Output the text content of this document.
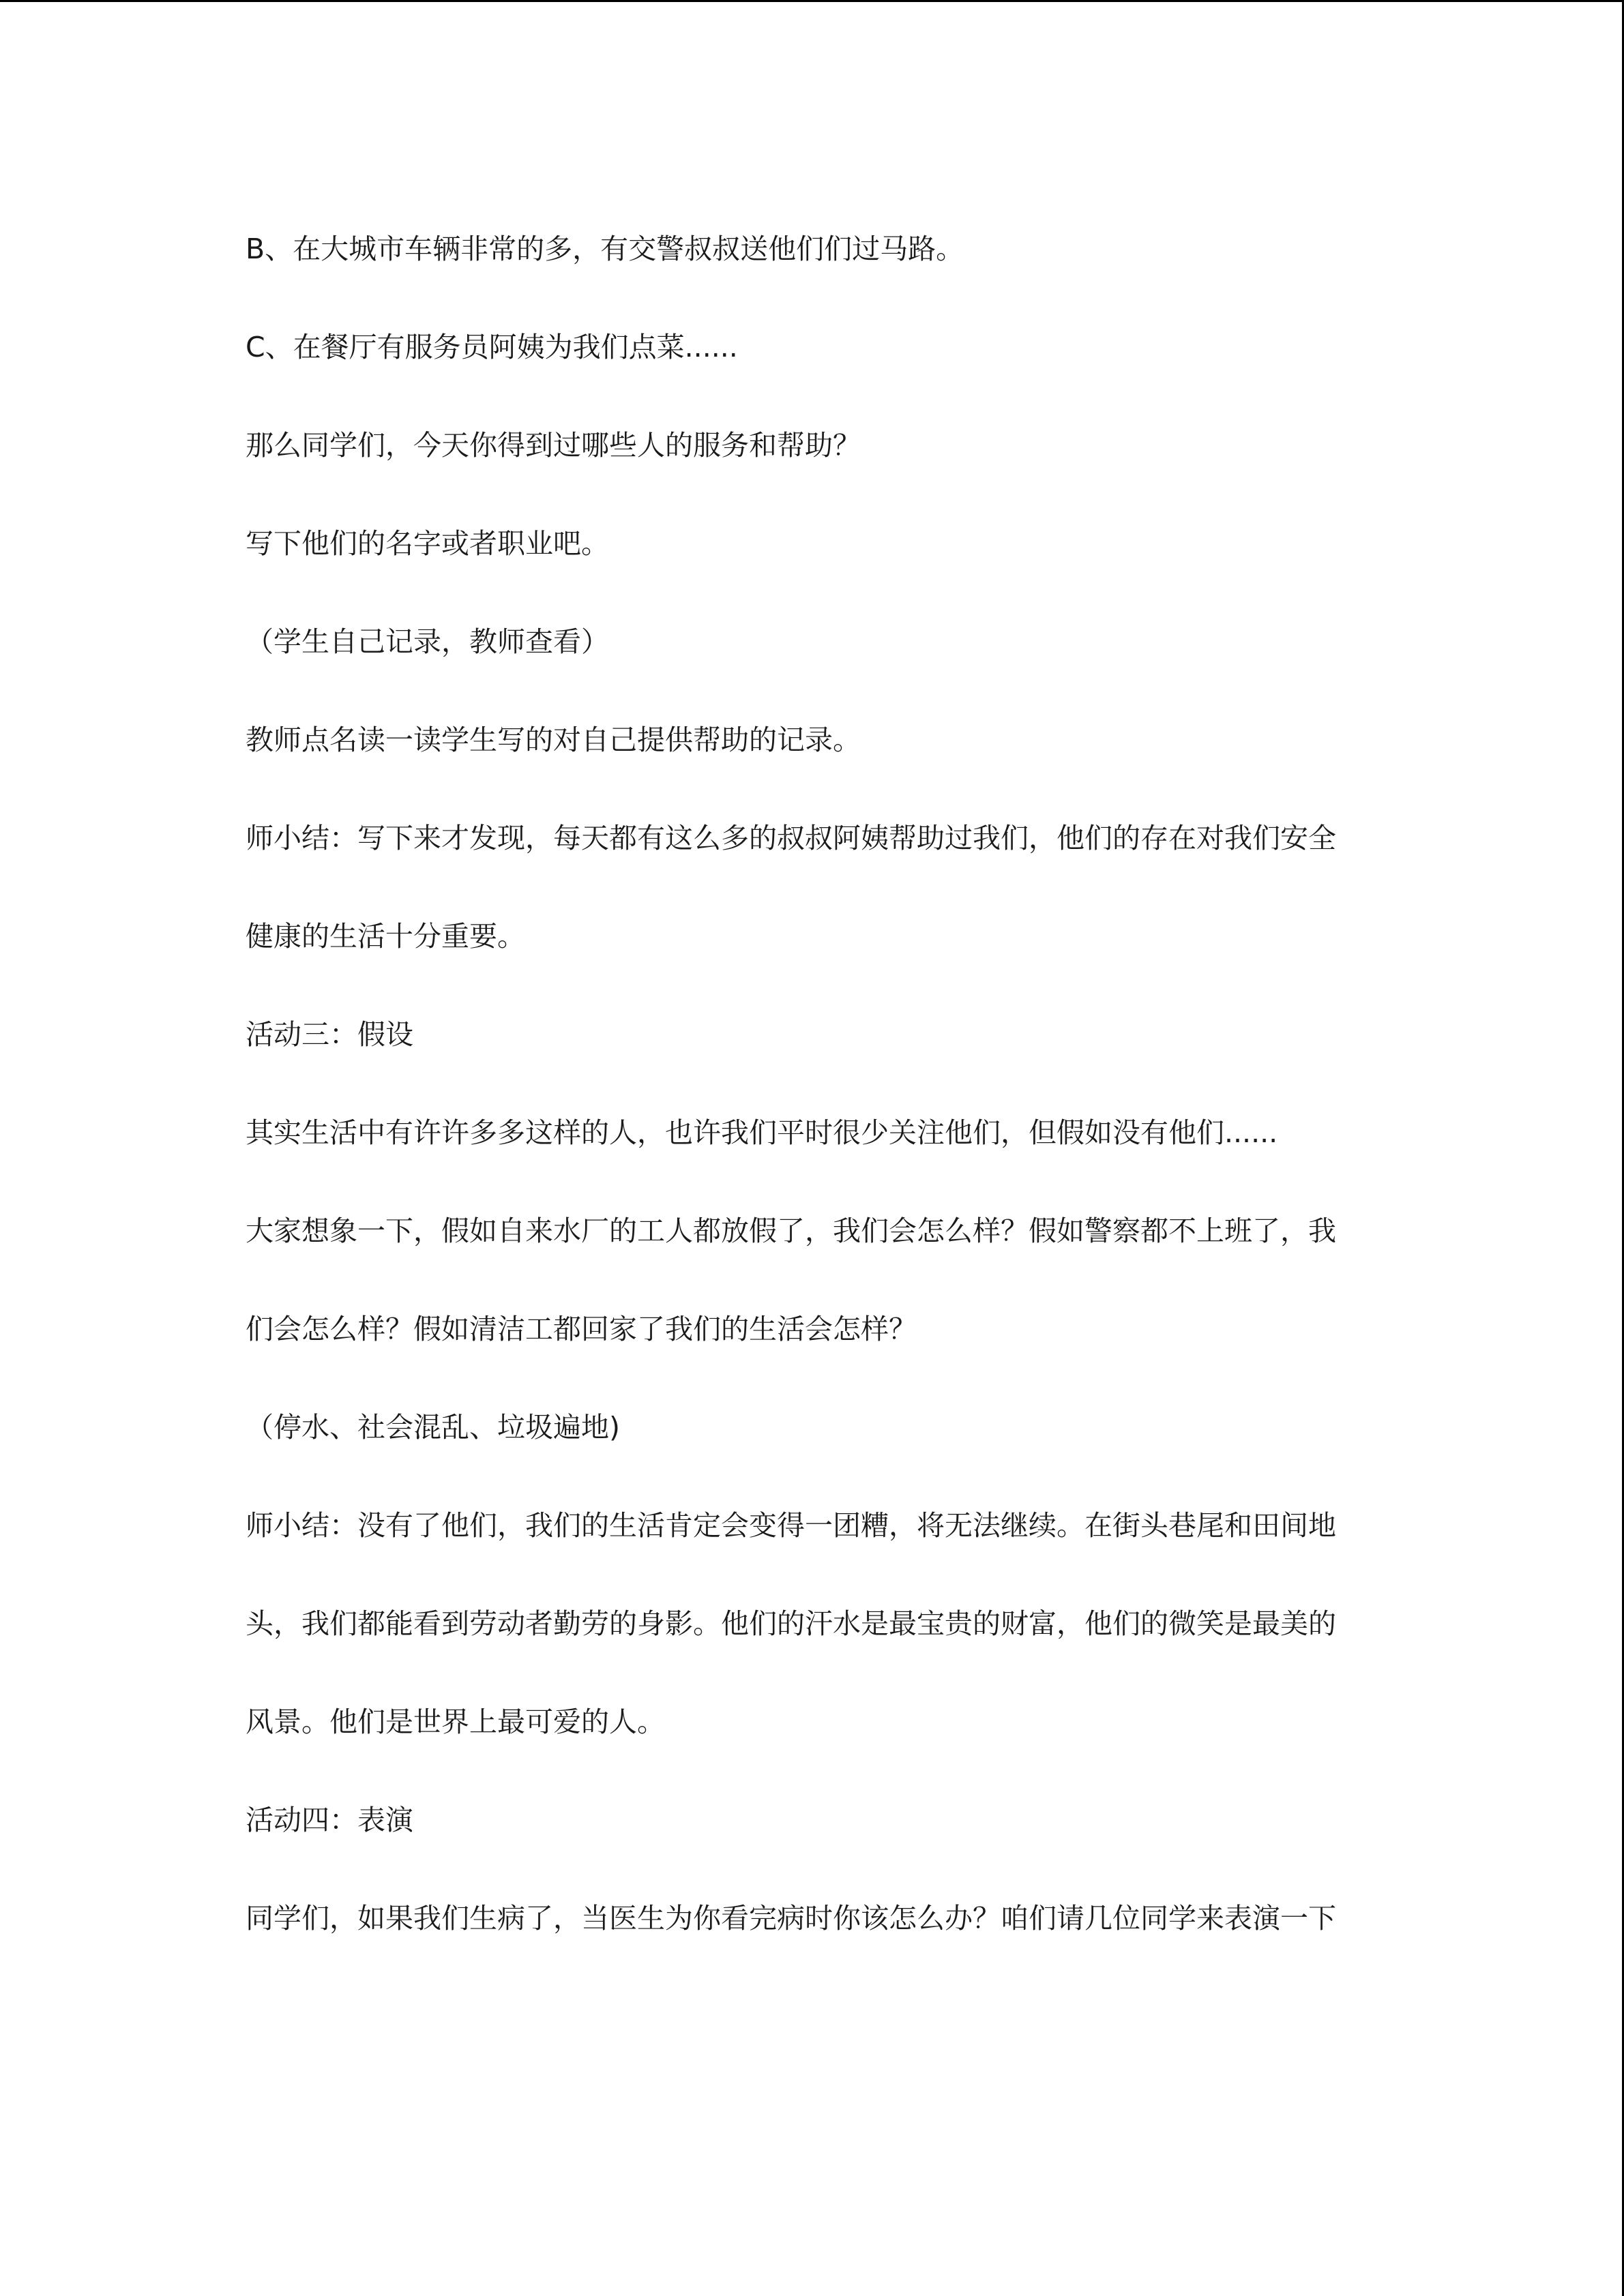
B、在大城市车辆非常的多，有交警叔叔送他们们过马路。
C、在餐厅有服务员阿姨为我们点菜......
那么同学们，今天你得到过哪些人的服务和帮助？
写下他们的名字或者职业吧。
（学生自己记录，教师查看）
教师点名读一读学生写的对自己提供帮助的记录。
师小结：写下来才发现，每天都有这么多的叔叔阿姨帮助过我们，他们的存在对我们安全
健康的生活十分重要。
活动三：假设
其实生活中有许许多多这样的人，也许我们平时很少关注他们，但假如没有他们......
大家想象一下，假如自来水厂的工人都放假了，我们会怎么样？假如警察都不上班了，我
们会怎么样？假如清洁工都回家了我们的生活会怎样？
（停水、社会混乱、垃圾遍地)
师小结：没有了他们，我们的生活肯定会变得一团糟，将无法继续。在街头巷尾和田间地
头，我们都能看到劳动者勤劳的身影。他们的汗水是最宝贵的财富，他们的微笑是最美的
风景。他们是世界上最可爱的人。
活动四：表演
同学们，如果我们生病了，当医生为你看完病时你该怎么办？咱们请几位同学来表演一下
